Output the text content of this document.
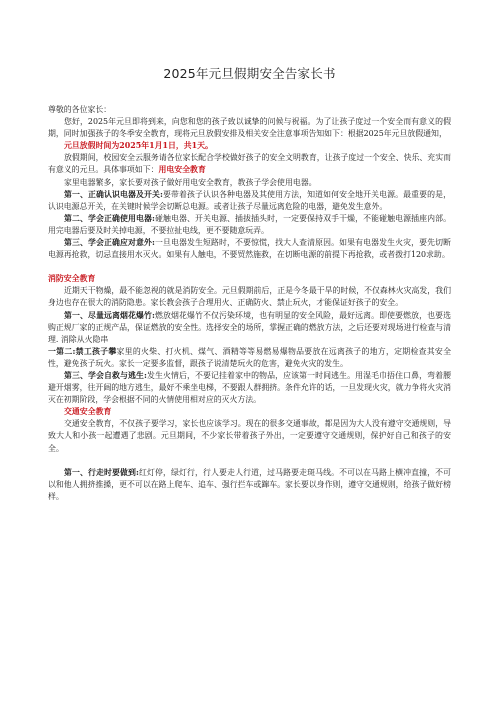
2025年元旦假期安全告家长书

尊敬的各位家长：

您好，2025年元旦即将到来，向您和您的孩子致以诚挚的问候与祝福。为了让孩子度过一个安全而有意义的假期，同时加强孩子的冬季安全教育，现将元旦放假安排及相关安全注意事项告知如下：根据2025年元旦放假通知，

元旦放假时间为2025年1月1日，共1天。

放假期间，校园安全云服务请各位家长配合学校做好孩子的安全文明教育，让孩子度过一个安全、快乐、充实而有意义的元旦。具体事项如下：用电安全教育

家里电器繁多，家长要对孩子做好用电安全教育，教孩子学会使用电器。

第一、正确认识电器及开关:要带着孩子认识各种电器及其使用方法，知道如何安全地开关电源。最重要的是，认识电源总开关，在关键时候学会切断总电源。或者让孩子尽量远离危险的电器，避免发生意外。

第二、学会正确使用电器:碰触电器、开关电源、插拔插头时，一定要保持双手干燥，不能碰触电源插座内部。用完电器后要及时关掉电源，不要拉扯电线，更不要随意玩弄。

第三、学会正确应对意外:一旦电器发生短路时，不要惊慌，找大人查清原因。如果有电器发生火灾，要先切断电源再抢救，切忌直接用水灭火。如果有人触电，不要贸然施救，在切断电源的前提下再抢救，或者拨打120求助。

消防安全教育

近期天干物燥，最不能忽视的就是消防安全。元旦假期前后，正是今冬最干旱的时候，不仅森林火灾高发，我们身边也存在很大的消防隐患。家长教会孩子合理用火、正确防火、禁止玩火，才能保证好孩子的安全。

第一、尽量远离烟花爆竹:燃放烟花爆竹不仅污染环境，也有明显的安全风险，最好远离。即使要燃放，也要选购正规厂家的正规产品，保证燃放的安全性。选择安全的场所，掌握正确的燃放方法，之后还要对现场进行检查与清理. 消除从火隐串

一第二:禁工孩子攀家里的火柴、打火机、煤气、酒精等等易燃易爆物品要放在远离孩子的地方，定期检查其安全性，避免孩子玩火。家长一定要多监督，跟孩子说清楚玩火的危害，避免火灾的发生。

第三、学会自救与逃生:发生火情后，不要记挂着家中的物品，应该第一时间逃生。用湿毛巾捂住口鼻，弯着腰避开烟雾，往开阔的地方逃生，最好不乘坐电梯，不要跟人群拥挤。条件允许的话，一旦发现火灾，就力争将火灾消灭在初期阶段，学会根据不同的火情使用相对应的灭火方法。

交通安全教育

交通安全教育，不仅孩子要学习，家长也应该学习。现在的很多交通事故，都是因为大人没有遵守交通规则，导致大人和小孩一起遭遇了悲剧。元旦期间，不少家长带着孩子外出，一定要遵守交通规则，保护好自己和孩子的安全。

第一、行走时要做到:红灯停，绿灯行，行人要走人行道，过马路要走斑马线。不可以在马路上横冲直撞，不可以和他人拥挤推搡，更不可以在路上爬车、追车、强行拦车或蹿车。家长要以身作则，遵守交通规则，给孩子做好榜样。
